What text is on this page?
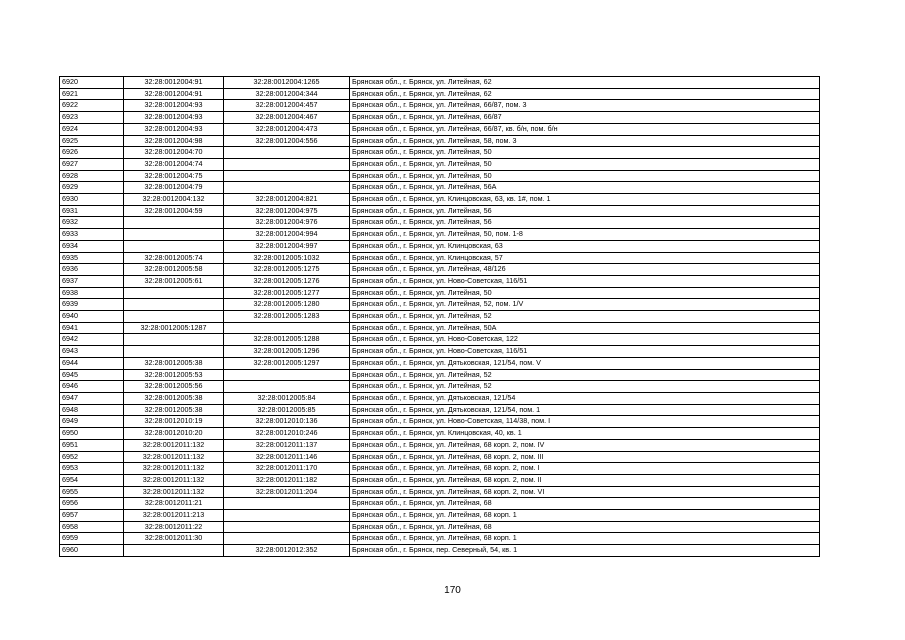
6920	32:28:0012004:91	32:28:0012004:1265	Брянская обл., г. Брянск, ул. Литейная, 62
6921	32:28:0012004:91	32:28:0012004:344	Брянская обл., г. Брянск, ул. Литейная, 62
6922	32:28:0012004:93	32:28:0012004:457	Брянская обл., г. Брянск, ул. Литейная, 66/87, пом. 3
6923	32:28:0012004:93	32:28:0012004:467	Брянская обл., г. Брянск, ул. Литейная, 66/87
6924	32:28:0012004:93	32:28:0012004:473	Брянская обл., г. Брянск, ул. Литейная, 66/87, кв. б/н, пом. б/н
6925	32:28:0012004:98	32:28:0012004:556	Брянская обл., г. Брянск, ул. Литейная, 58, пом. 3
6926	32:28:0012004:70		Брянская обл., г. Брянск, ул. Литейная, 50
6927	32:28:0012004:74		Брянская обл., г. Брянск, ул. Литейная, 50
6928	32:28:0012004:75		Брянская обл., г. Брянск, ул. Литейная, 50
6929	32:28:0012004:79		Брянская обл., г. Брянск, ул. Литейная, 56А
6930	32:28:0012004:132	32:28:0012004:821	Брянская обл., г. Брянск, ул. Клинцовская, 63, кв. 1#, пом. 1
6931	32:28:0012004:59	32:28:0012004:975	Брянская обл., г. Брянск, ул. Литейная, 56
6932		32:28:0012004:976	Брянская обл., г. Брянск, ул. Литейная, 56
6933		32:28:0012004:994	Брянская обл., г. Брянск, ул. Литейная, 50, пом. 1-8
6934		32:28:0012004:997	Брянская обл., г. Брянск, ул. Клинцовская, 63
6935	32:28:0012005:74	32:28:0012005:1032	Брянская обл., г. Брянск, ул. Клинцовская, 57
6936	32:28:0012005:58	32:28:0012005:1275	Брянская обл., г. Брянск, ул. Литейная, 48/126
6937	32:28:0012005:61	32:28:0012005:1276	Брянская обл., г. Брянск, ул. Ново-Советская, 116/51
6938		32:28:0012005:1277	Брянская обл., г. Брянск, ул. Литейная, 50
6939		32:28:0012005:1280	Брянская обл., г. Брянск, ул. Литейная, 52, пом. 1/V
6940		32:28:0012005:1283	Брянская обл., г. Брянск, ул. Литейная, 52
6941	32:28:0012005:1287		Брянская обл., г. Брянск, ул. Литейная, 50А
6942		32:28:0012005:1288	Брянская обл., г. Брянск, ул. Ново-Советская, 122
6943		32:28:0012005:1296	Брянская обл., г. Брянск, ул. Ново-Советская, 116/51
6944	32:28:0012005:38	32:28:0012005:1297	Брянская обл., г. Брянск, ул. Дятьковская, 121/54, пом. V
6945	32:28:0012005:53		Брянская обл., г. Брянск, ул. Литейная, 52
6946	32:28:0012005:56		Брянская обл., г. Брянск, ул. Литейная, 52
6947	32:28:0012005:38	32:28:0012005:84	Брянская обл., г. Брянск, ул. Дятьковская, 121/54
6948	32:28:0012005:38	32:28:0012005:85	Брянская обл., г. Брянск, ул. Дятьковская, 121/54, пом. 1
6949	32:28:0012010:19	32:28:0012010:136	Брянская обл., г. Брянск, ул. Ново-Советская, 114/38, пом. I
6950	32:28:0012010:20	32:28:0012010:246	Брянская обл., г. Брянск, ул. Клинцовская, 40, кв. 1
6951	32:28:0012011:132	32:28:0012011:137	Брянская обл., г. Брянск, ул. Литейная, 68 корп. 2, пом. IV
6952	32:28:0012011:132	32:28:0012011:146	Брянская обл., г. Брянск, ул. Литейная, 68 корп. 2, пом. III
6953	32:28:0012011:132	32:28:0012011:170	Брянская обл., г. Брянск, ул. Литейная, 68 корп. 2, пом. I
6954	32:28:0012011:132	32:28:0012011:182	Брянская обл., г. Брянск, ул. Литейная, 68 корп. 2, пом. II
6955	32:28:0012011:132	32:28:0012011:204	Брянская обл., г. Брянск, ул. Литейная, 68 корп. 2, пом. VI
6956	32:28:0012011:21		Брянская обл., г. Брянск, ул. Литейная, 68
6957	32:28:0012011:213		Брянская обл., г. Брянск, ул. Литейная, 68 корп. 1
6958	32:28:0012011:22		Брянская обл., г. Брянск, ул. Литейная, 68
6959	32:28:0012011:30		Брянская обл., г. Брянск, ул. Литейная, 68 корп. 1
6960		32:28:0012012:352	Брянская обл., г. Брянск, пер. Северный, 54, кв. 1
170
